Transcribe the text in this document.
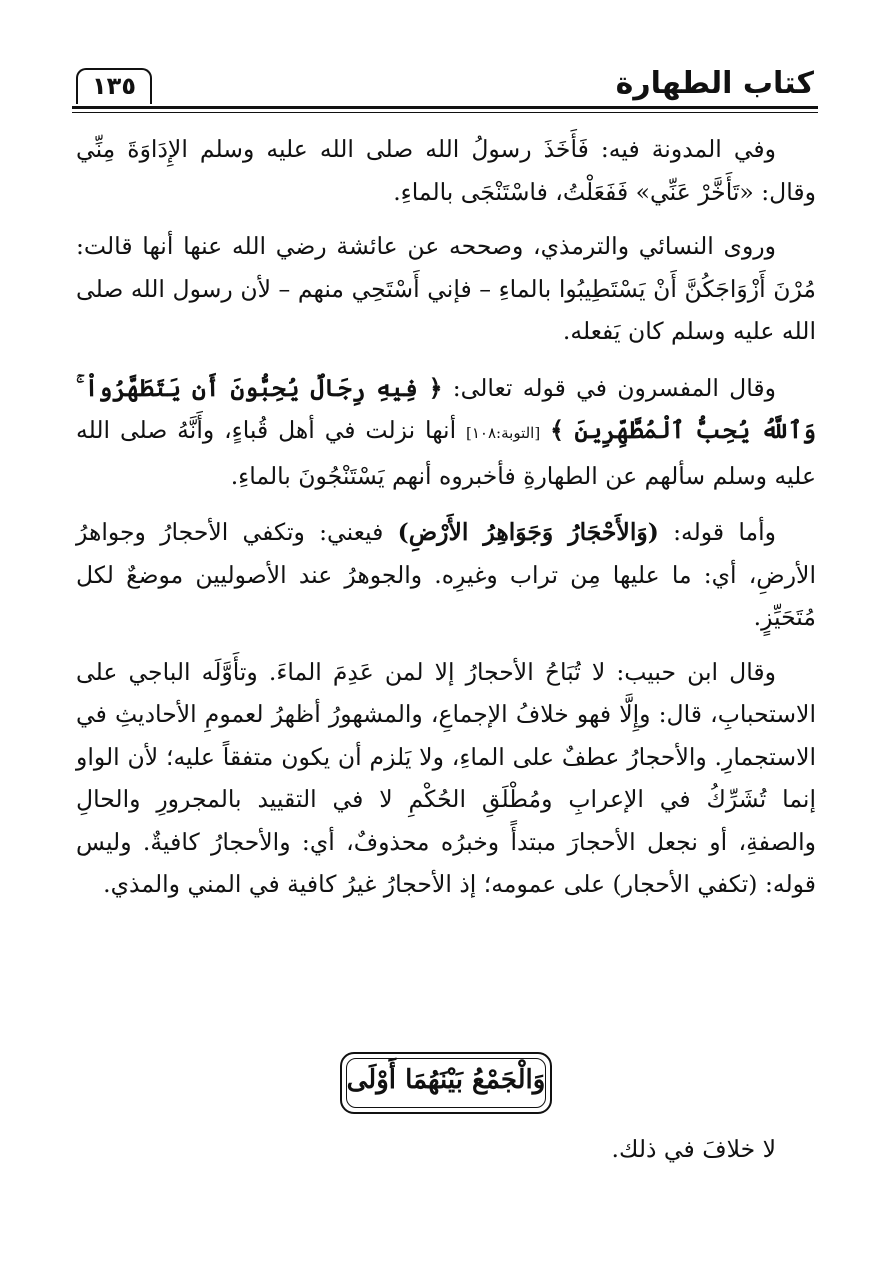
كتاب الطهارة
١٣٥

وفي المدونة فيه: فَأَخَذَ رسولُ الله صلى الله عليه وسلم الإِدَاوَةَ مِنِّي وقال: «تَأَخَّرْ عَنِّي» فَفَعَلْتُ، فاسْتَنْجَى بالماءِ.

وروى النسائي والترمذي، وصححه عن عائشة رضي الله عنها أنها قالت: مُرْنَ أَزْوَاجَكُنَّ أَنْ يَسْتَطِيبُوا بالماءِ – فإني أَسْتَحِي منهم – لأن رسول الله صلى الله عليه وسلم كان يَفعله.

وقال المفسرون في قوله تعالى: ﴿ فِيهِ رِجَالٌ يُحِبُّونَ أَن يَتَطَهَّرُواْ ۚ وَٱللَّهُ يُحِبُّ ٱلْمُطَّهِّرِينَ ﴾ [التوبة:١٠٨] أنها نزلت في أهل قُباءٍ، وأَنَّهُ صلى الله عليه وسلم سألهم عن الطهارةِ فأخبروه أنهم يَسْتَنْجُونَ بالماءِ.

وأما قوله: (وَالأَحْجَارُ وَجَوَاهِرُ الأَرْضِ) فيعني: وتكفي الأحجارُ وجواهرُ الأرضِ، أي: ما عليها مِن تراب وغيرِه. والجوهرُ عند الأصوليين موضعٌ لكل مُتَحَيِّزٍ.

وقال ابن حبيب: لا تُبَاحُ الأحجارُ إلا لمن عَدِمَ الماءَ. وتأَوَّلَه الباجي على الاستحبابِ، قال: وإِلَّا فهو خلافُ الإجماعِ، والمشهورُ أظهرُ لعمومِ الأحاديثِ في الاستجمارِ. والأحجارُ عطفٌ على الماءِ، ولا يَلزم أن يكون متفقاً عليه؛ لأن الواو إنما تُشَرِّكُ في الإعرابِ ومُطْلَقِ الحُكْمِ لا في التقييد بالمجرورِ والحالِ والصفةِ، أو نجعل الأحجارَ مبتدأً وخبرُه محذوفٌ، أي: والأحجارُ كافيةٌ. وليس قوله: (تكفي الأحجار) على عمومه؛ إذ الأحجارُ غيرُ كافية في المني والمذي.

وَالْجَمْعُ بَيْنَهُمَا أَوْلَى
لا خلافَ في ذلك.
